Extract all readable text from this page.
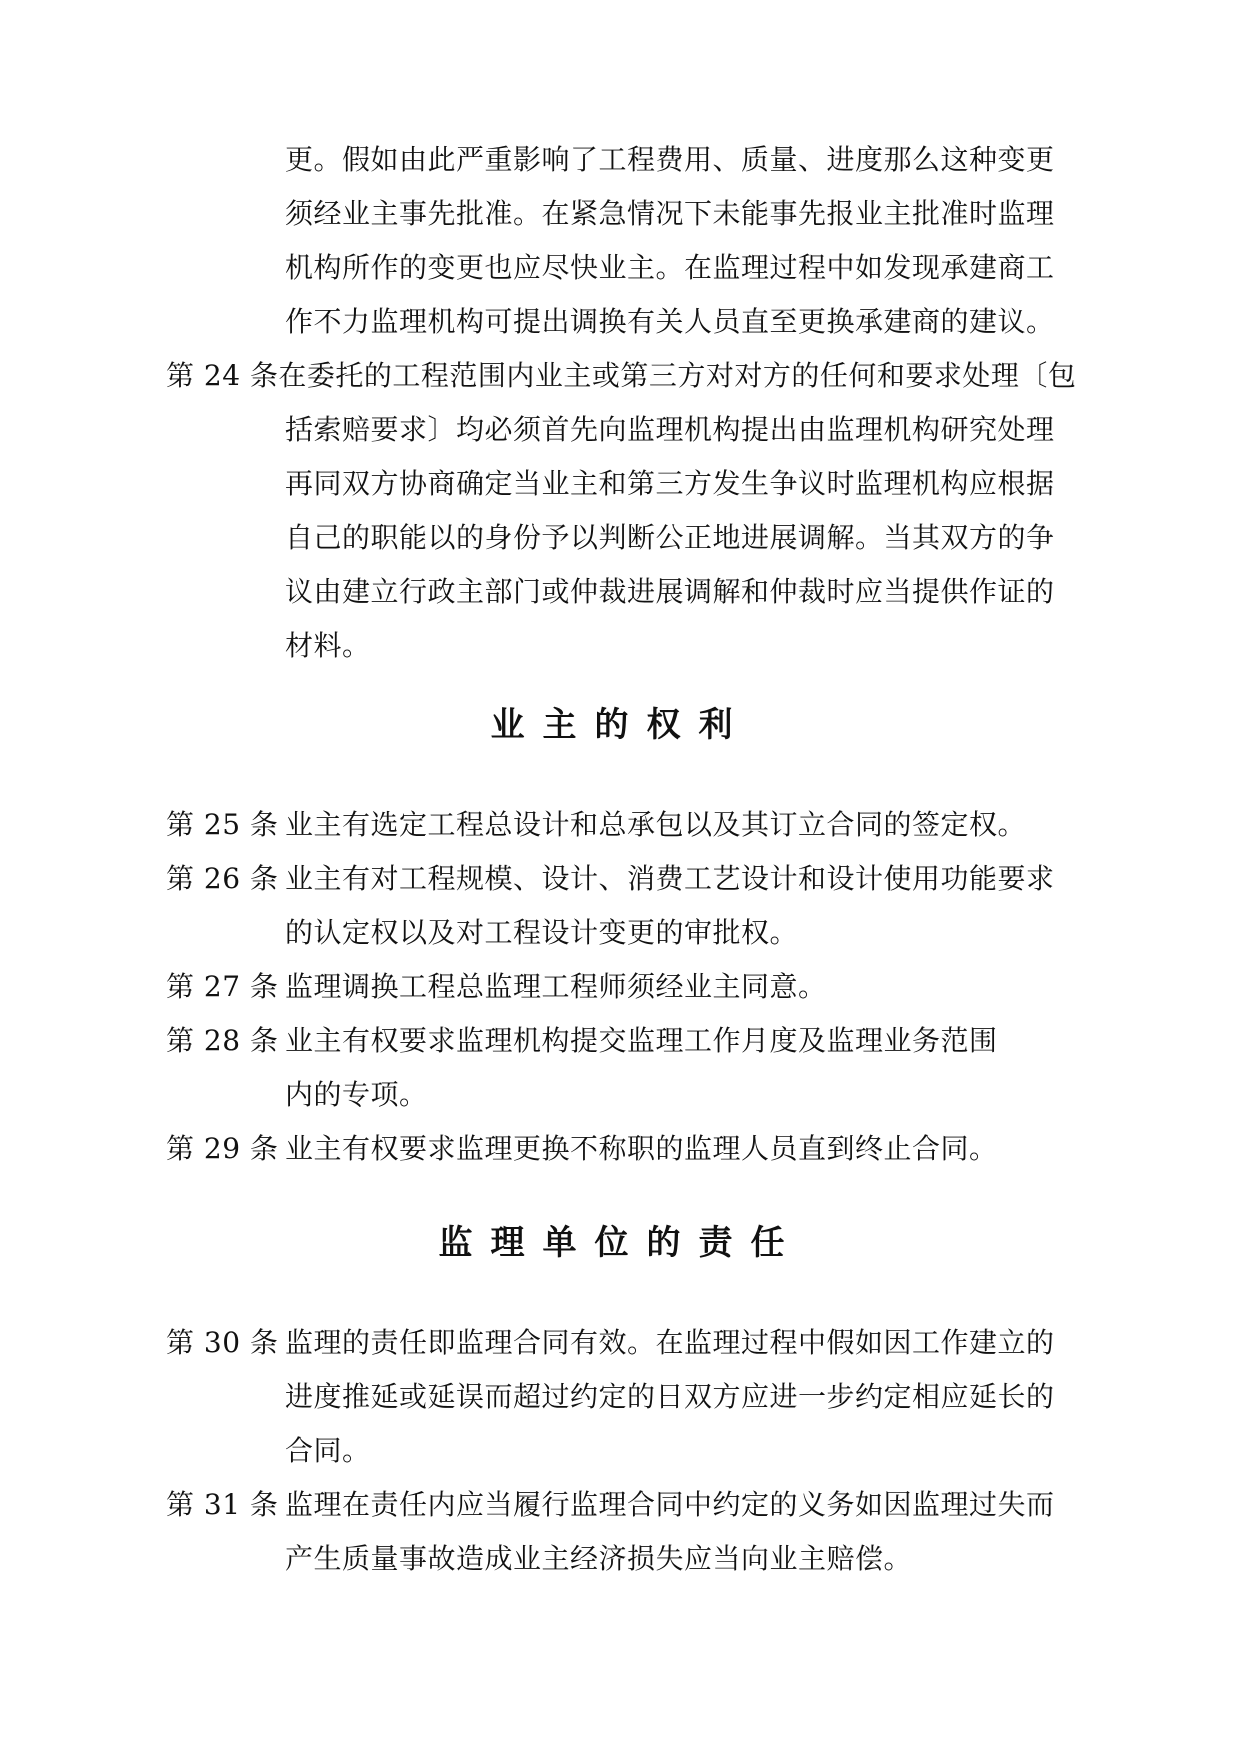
更。假如由此严重影响了工程费用、质量、进度那么这种变更
须经业主事先批准。在紧急情况下未能事先报业主批准时监理
机构所作的变更也应尽快业主。在监理过程中如发现承建商工
作不力监理机构可提出调换有关人员直至更换承建商的建议。
第 24 条在委托的工程范围内业主或第三方对对方的任何和要求处理〔包
括索赔要求〕均必须首先向监理机构提出由监理机构研究处理
再同双方协商确定当业主和第三方发生争议时监理机构应根据
自己的职能以的身份予以判断公正地进展调解。当其双方的争
议由建立行政主部门或仲裁进展调解和仲裁时应当提供作证的
材料。
业主的权利
第 25 条 业主有选定工程总设计和总承包以及其订立合同的签定权。
第 26 条 业主有对工程规模、设计、消费工艺设计和设计使用功能要求
的认定权以及对工程设计变更的审批权。
第 27 条 监理调换工程总监理工程师须经业主同意。
第 28 条 业主有权要求监理机构提交监理工作月度及监理业务范围
内的专项。
第 29 条 业主有权要求监理更换不称职的监理人员直到终止合同。
监理单位的责任
第 30 条 监理的责任即监理合同有效。在监理过程中假如因工作建立的
进度推延或延误而超过约定的日双方应进一步约定相应延长的
合同。
第 31 条 监理在责任内应当履行监理合同中约定的义务如因监理过失而
产生质量事故造成业主经济损失应当向业主赔偿。
